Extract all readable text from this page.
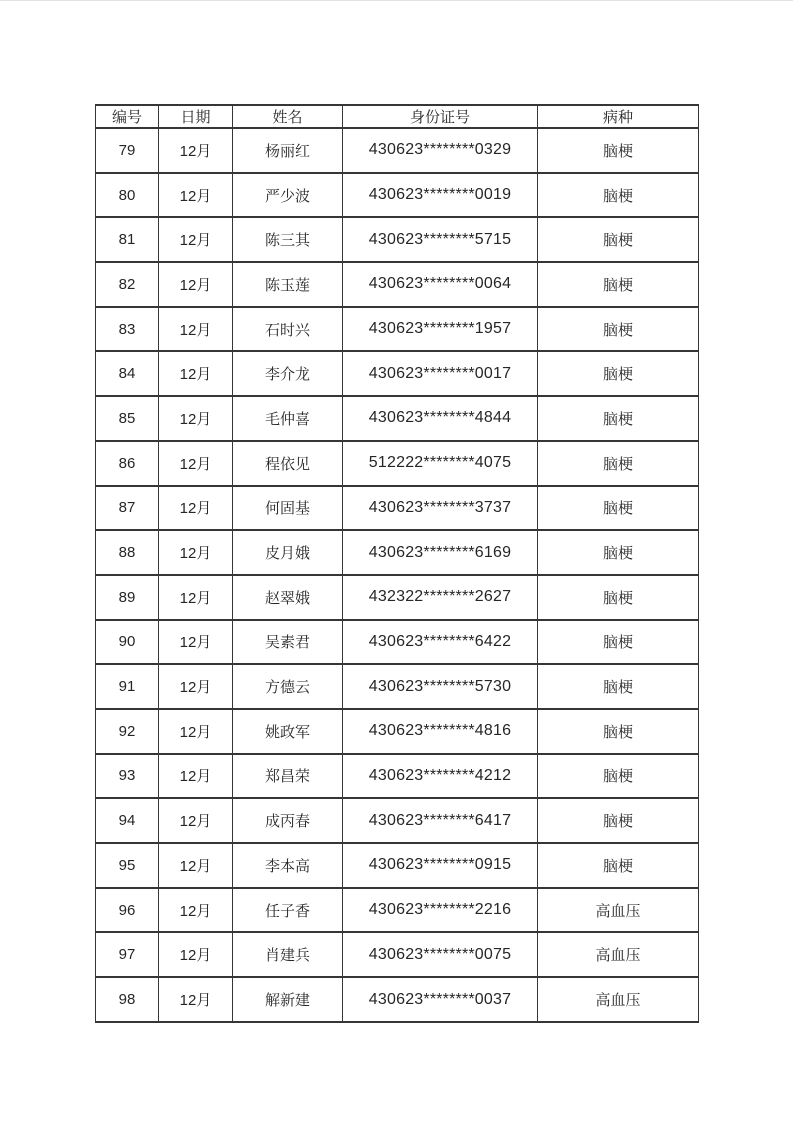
编号	日期	姓名	身份证号	病种
79	12月	杨丽红	430623********0329	脑梗
80	12月	严少波	430623********0019	脑梗
81	12月	陈三其	430623********5715	脑梗
82	12月	陈玉莲	430623********0064	脑梗
83	12月	石时兴	430623********1957	脑梗
84	12月	李介龙	430623********0017	脑梗
85	12月	毛仲喜	430623********4844	脑梗
86	12月	程依见	512222********4075	脑梗
87	12月	何固基	430623********3737	脑梗
88	12月	皮月娥	430623********6169	脑梗
89	12月	赵翠娥	432322********2627	脑梗
90	12月	吴素君	430623********6422	脑梗
91	12月	方德云	430623********5730	脑梗
92	12月	姚政军	430623********4816	脑梗
93	12月	郑昌荣	430623********4212	脑梗
94	12月	成丙春	430623********6417	脑梗
95	12月	李本高	430623********0915	脑梗
96	12月	任子香	430623********2216	高血压
97	12月	肖建兵	430623********0075	高血压
98	12月	解新建	430623********0037	高血压
